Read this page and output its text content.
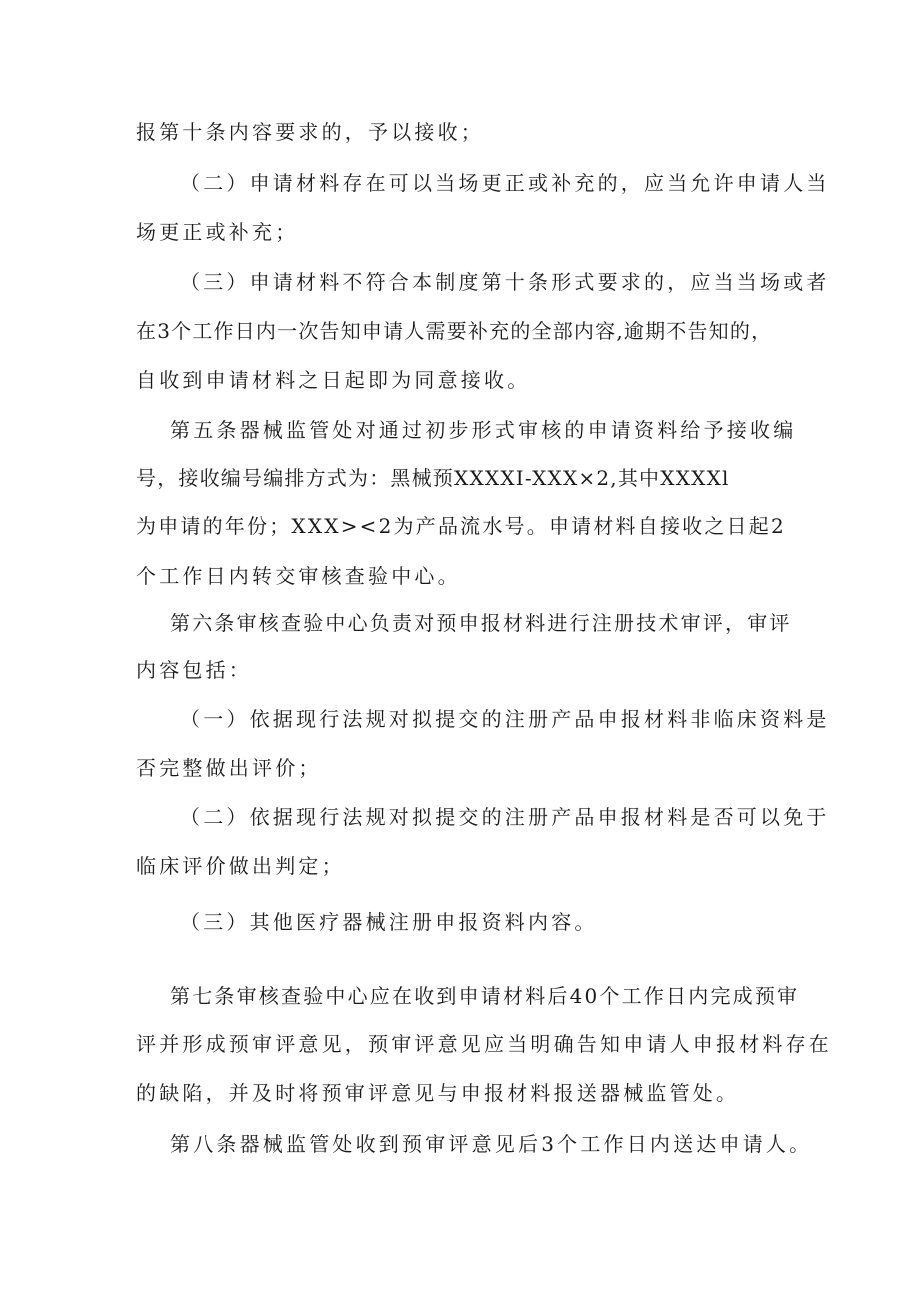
报第十条内容要求的，予以接收；
（二）申请材料存在可以当场更正或补充的，应当允许申请人当
场更正或补充；
（三）申请材料不符合本制度第十条形式要求的，应当当场或者
在3个工作日内一次告知申请人需要补充的全部内容,逾期不告知的，
自收到申请材料之日起即为同意接收。
第五条器械监管处对通过初步形式审核的申请资料给予接收编
号，接收编号编排方式为：黑械预XXXXI-XXX×2,其中XXXXl
为申请的年份；XXX><2为产品流水号。申请材料自接收之日起2
个工作日内转交审核查验中心。
第六条审核查验中心负责对预申报材料进行注册技术审评，审评
内容包括：
（一）依据现行法规对拟提交的注册产品申报材料非临床资料是
否完整做出评价；
（二）依据现行法规对拟提交的注册产品申报材料是否可以免于
临床评价做出判定；
（三）其他医疗器械注册申报资料内容。
第七条审核查验中心应在收到申请材料后40个工作日内完成预审
评并形成预审评意见，预审评意见应当明确告知申请人申报材料存在
的缺陷，并及时将预审评意见与申报材料报送器械监管处。
第八条器械监管处收到预审评意见后3个工作日内送达申请人。
